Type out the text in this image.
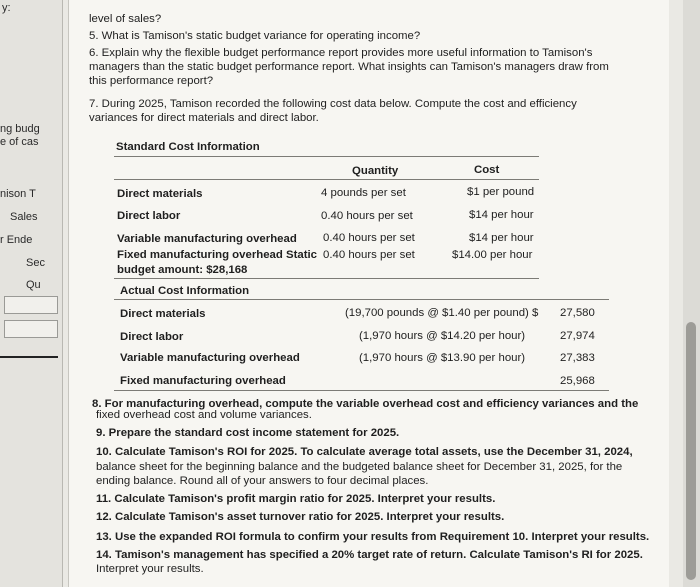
y:
ng budg
e of cas
nison T
Sales
r Ende
Sec
Qu
level of sales?
5. What is Tamison's static budget variance for operating income?
6. Explain why the flexible budget performance report provides more useful information to Tamison's
managers than the static budget performance report. What insights can Tamison's managers draw from
this performance report?
7. During 2025, Tamison recorded the following cost data below. Compute the cost and efficiency
variances for direct materials and direct labor.
Standard Cost Information
Quantity	Cost
Direct materials	4 pounds per set	$1 per pound
Direct labor	0.40 hours per set	$14 per hour
Variable manufacturing overhead 0.40 hours per set	$14 per hour
Fixed manufacturing overhead Static 0.40 hours per set	$14.00 per hour
budget amount: $28,168
Actual Cost Information
Direct materials	(19,700 pounds @ $1.40 per pound) $ 27,580
Direct labor	(1,970 hours @ $14.20 per hour)	27,974
Variable manufacturing overhead	(1,970 hours @ $13.90 per hour)	27,383
Fixed manufacturing overhead	25,968
8. For manufacturing overhead, compute the variable overhead cost and efficiency variances and the
fixed overhead cost and volume variances.
9. Prepare the standard cost income statement for 2025.
10. Calculate Tamison's ROI for 2025. To calculate average total assets, use the December 31, 2024,
balance sheet for the beginning balance and the budgeted balance sheet for December 31, 2025, for the
ending balance. Round all of your answers to four decimal places.
11. Calculate Tamison's profit margin ratio for 2025. Interpret your results.
12. Calculate Tamison's asset turnover ratio for 2025. Interpret your results.
13. Use the expanded ROI formula to confirm your results from Requirement 10. Interpret your results.
14. Tamison's management has specified a 20% target rate of return. Calculate Tamison's RI for 2025.
Interpret your results.
